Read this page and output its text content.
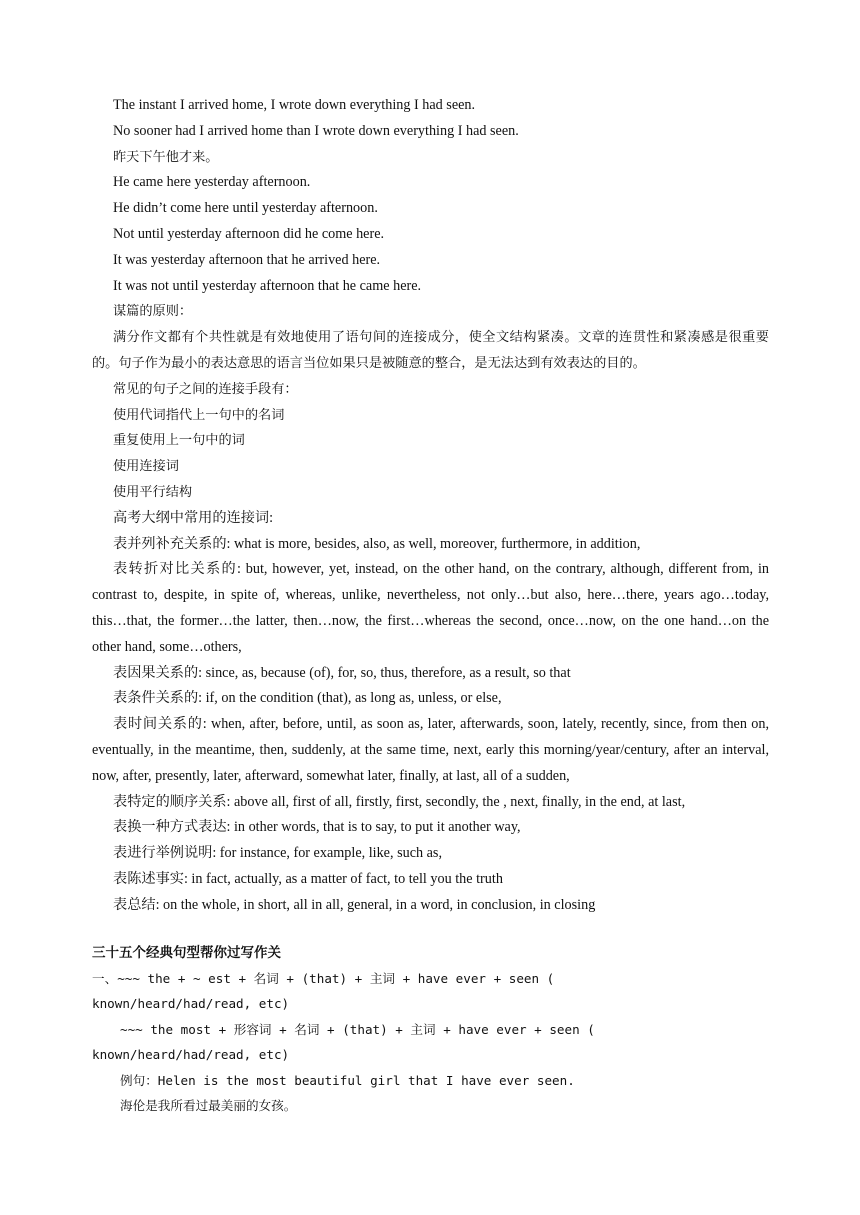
The instant I arrived home, I wrote down everything I had seen.

No sooner had I arrived home than I wrote down everything I had seen.

昨天下午他才来。

He came here yesterday afternoon.

He didn’t come here until yesterday afternoon.

Not until yesterday afternoon did he come here.

It was yesterday afternoon that he arrived here.

It was not until yesterday afternoon that he came here.

谋篇的原则：

满分作文都有个共性就是有效地使用了语句间的连接成分，使全文结构紧凑。文章的连贯性和紧凑感是很重要的。句子作为最小的表达意思的语言当位如果只是被随意的整合，是无法达到有效表达的目的。

常见的句子之间的连接手段有：

使用代词指代上一句中的名词

重复使用上一句中的词

使用连接词

使用平行结构

高考大纲中常用的连接词:

表并列补充关系的: what is more, besides, also, as well, moreover, furthermore, in addition,

表转折对比关系的: but, however, yet, instead, on the other hand, on the contrary, although, different from, in contrast to, despite, in spite of, whereas, unlike, nevertheless, not only…but also, here…there, years ago…today, this…that, the former…the latter, then…now, the first…whereas the second, once…now, on the one hand…on the other hand, some…others,

表因果关系的: since, as, because (of), for, so, thus, therefore, as a result, so that

表条件关系的: if, on the condition (that), as long as, unless, or else,

表时间关系的: when, after, before, until, as soon as, later, afterwards, soon, lately, recently, since, from then on, eventually, in the meantime, then, suddenly, at the same time, next, early this morning/year/century, after an interval, now, after, presently, later, afterward, somewhat later, finally, at last, all of a sudden,

表特定的顺序关系: above all, first of all, firstly, first, secondly, the , next, finally, in the end, at last,

表换一种方式表达: in other words, that is to say, to put it another way,

表进行举例说明: for instance, for example, like, such as,

表陈述事实: in fact, actually, as a matter of fact, to tell you the truth

表总结: on the whole, in short, all in all, general, in a word, in conclusion, in closing

三十五个经典句型帮你过写作关

一、~~~ the + ~ est + 名词 + (that) + 主词 + have ever + seen (

known/heard/had/read, etc)

~~~ the most + 形容词 + 名词 + (that) + 主词 + have ever + seen (

known/heard/had/read, etc)

例句：Helen is the most beautiful girl that I have ever seen.

海伦是我所看过最美丽的女孩。
